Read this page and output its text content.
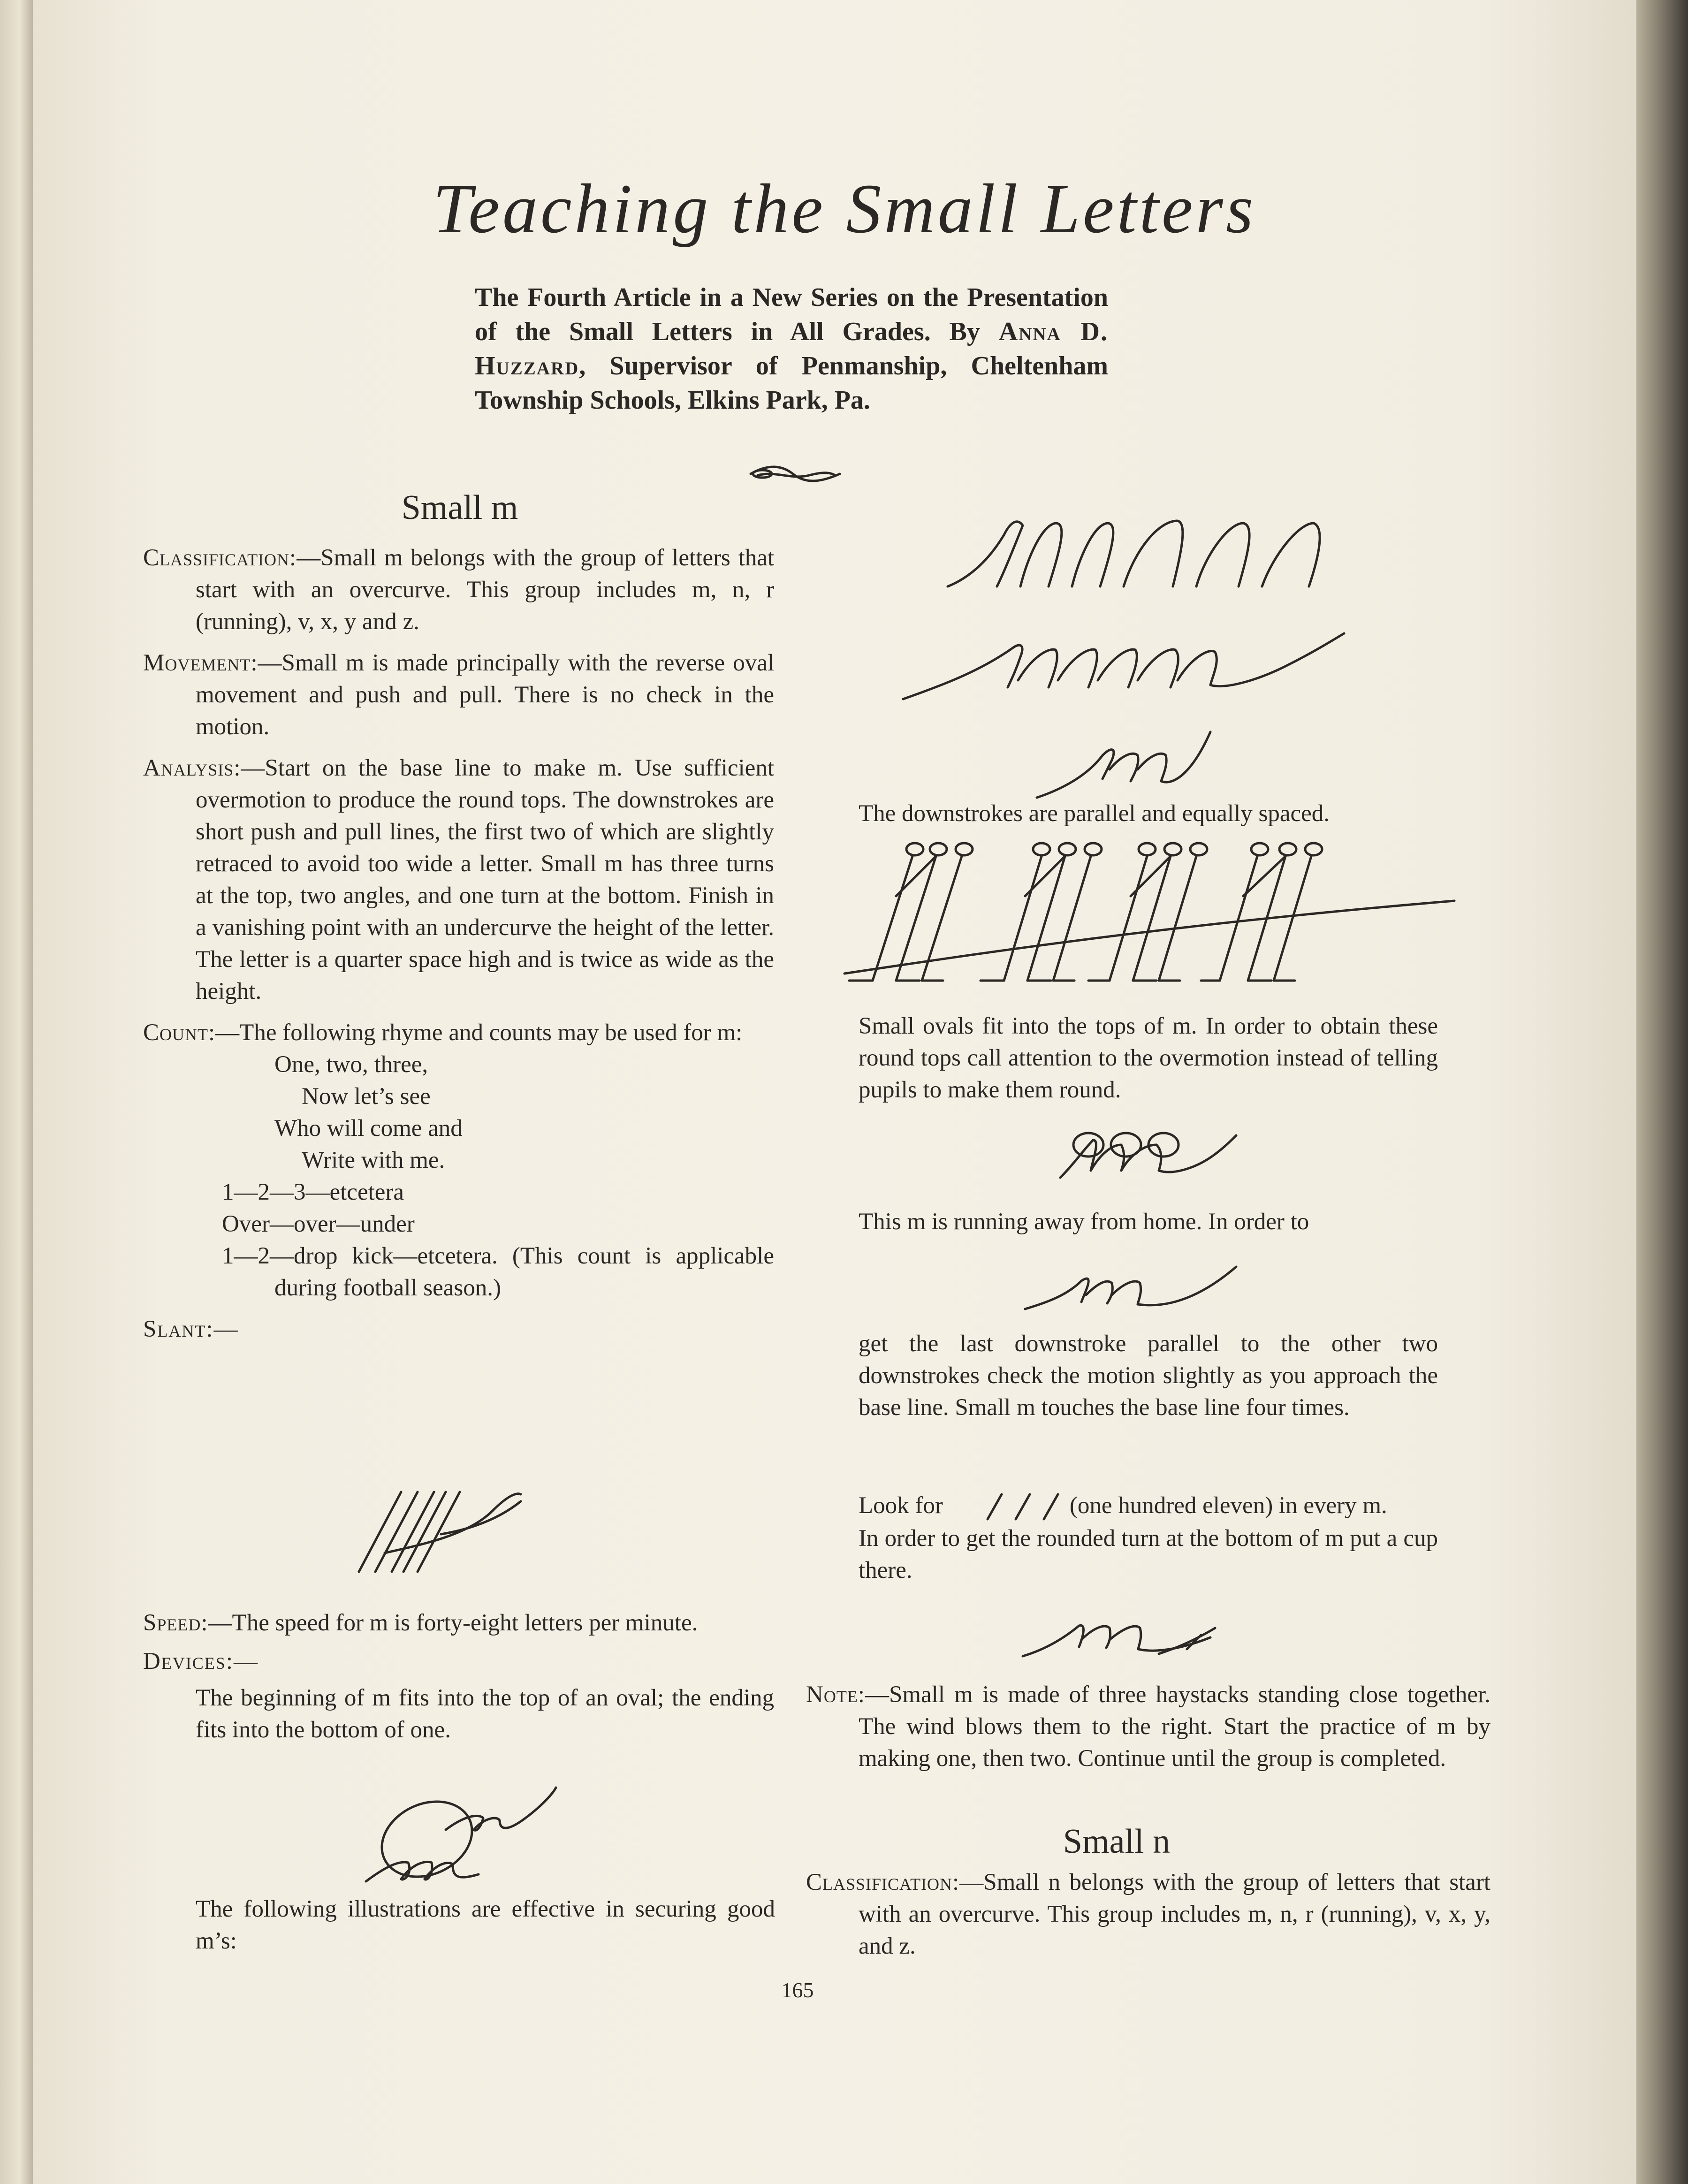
Teaching the Small Letters
The Fourth Article in a New Series on the Presentation of the Small Letters in All Grades. By Anna D. Huzzard, Supervisor of Penmanship, Cheltenham Township Schools, Elkins Park, Pa.
Small m
Classification:—Small m belongs with the group of letters that start with an overcurve. This group includes m, n, r (running), v, x, y and z.
Movement:—Small m is made principally with the reverse oval movement and push and pull. There is no check in the motion.
Analysis:—Start on the base line to make m. Use sufficient overmotion to produce the round tops. The downstrokes are short push and pull lines, the first two of which are slightly retraced to avoid too wide a letter. Small m has three turns at the top, two angles, and one turn at the bottom. Finish in a vanishing point with an undercurve the height of the letter. The letter is a quarter space high and is twice as wide as the height.
Count:—The following rhyme and counts may be used for m:
One, two, three,
Now let’s see
Who will come and
Write with me.
1—2—3—etcetera
Over—over—under
1—2—drop kick—etcetera. (This count is applicable during football season.)
Slant:—
Speed:—The speed for m is forty-eight letters per minute.
Devices:—
The beginning of m fits into the top of an oval; the ending fits into the bottom of one.
The following illustrations are effective in securing good m’s:
The downstrokes are parallel and equally spaced.
Small ovals fit into the tops of m. In order to obtain these round tops call attention to the overmotion instead of telling pupils to make them round.
This m is running away from home. In order to
get the last downstroke parallel to the other two downstrokes check the motion slightly as you approach the base line. Small m touches the base line four times.
Look for	(one hundred eleven) in every m.
In order to get the rounded turn at the bottom of m put a cup there.
Note:—Small m is made of three haystacks standing close together. The wind blows them to the right. Start the practice of m by making one, then two. Continue until the group is completed.
Small n
Classification:—Small n belongs with the group of letters that start with an overcurve. This group includes m, n, r (running), v, x, y, and z.
165
